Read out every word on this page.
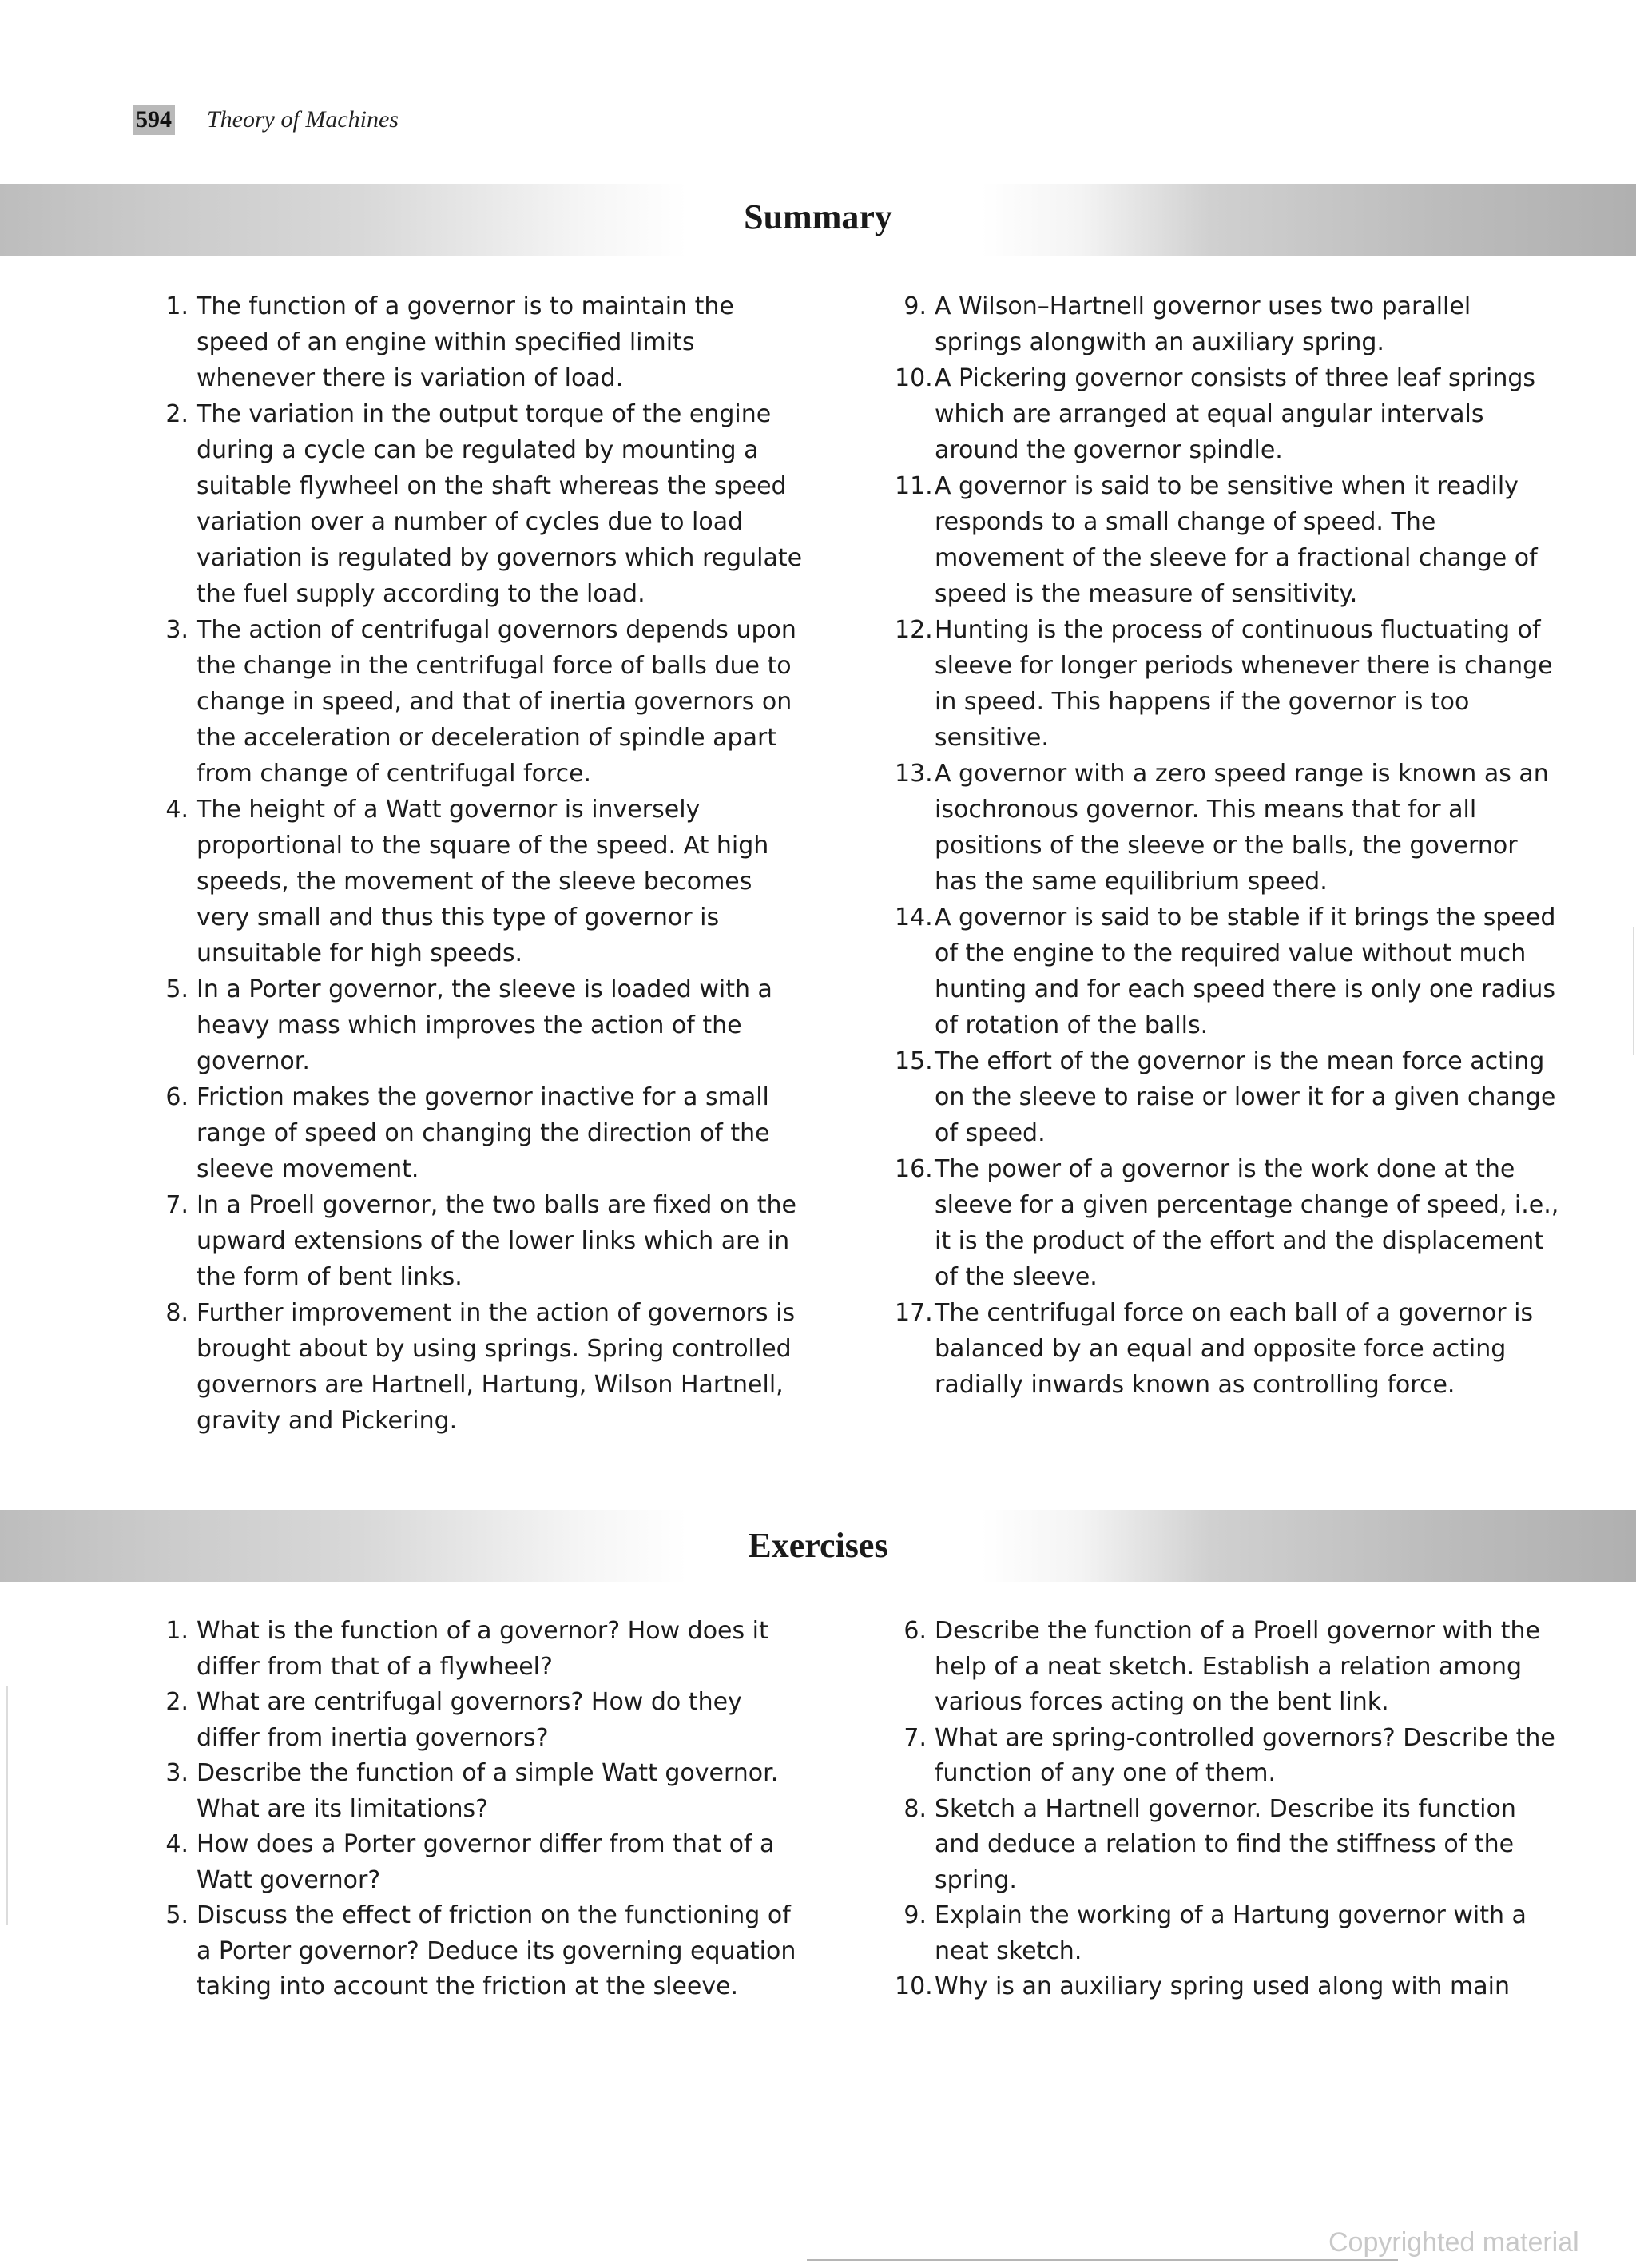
594 Theory of Machines
Summary
1. The function of a governor is to maintain the speed of an engine within specified limits whenever there is variation of load.
2. The variation in the output torque of the engine during a cycle can be regulated by mounting a suitable flywheel on the shaft whereas the speed variation over a number of cycles due to load variation is regulated by governors which regulate the fuel supply according to the load.
3. The action of centrifugal governors depends upon the change in the centrifugal force of balls due to change in speed, and that of inertia governors on the acceleration or deceleration of spindle apart from change of centrifugal force.
4. The height of a Watt governor is inversely proportional to the square of the speed. At high speeds, the movement of the sleeve becomes very small and thus this type of governor is unsuitable for high speeds.
5. In a Porter governor, the sleeve is loaded with a heavy mass which improves the action of the governor.
6. Friction makes the governor inactive for a small range of speed on changing the direction of the sleeve movement.
7. In a Proell governor, the two balls are fixed on the upward extensions of the lower links which are in the form of bent links.
8. Further improvement in the action of governors is brought about by using springs. Spring controlled governors are Hartnell, Hartung, Wilson Hartnell, gravity and Pickering.
9. A Wilson–Hartnell governor uses two parallel springs alongwith an auxiliary spring.
10. A Pickering governor consists of three leaf springs which are arranged at equal angular intervals around the governor spindle.
11. A governor is said to be sensitive when it readily responds to a small change of speed. The movement of the sleeve for a fractional change of speed is the measure of sensitivity.
12. Hunting is the process of continuous fluctuating of sleeve for longer periods whenever there is change in speed. This happens if the governor is too sensitive.
13. A governor with a zero speed range is known as an isochronous governor. This means that for all positions of the sleeve or the balls, the governor has the same equilibrium speed.
14. A governor is said to be stable if it brings the speed of the engine to the required value without much hunting and for each speed there is only one radius of rotation of the balls.
15. The effort of the governor is the mean force acting on the sleeve to raise or lower it for a given change of speed.
16. The power of a governor is the work done at the sleeve for a given percentage change of speed, i.e., it is the product of the effort and the displacement of the sleeve.
17. The centrifugal force on each ball of a governor is balanced by an equal and opposite force acting radially inwards known as controlling force.
Exercises
1. What is the function of a governor? How does it differ from that of a flywheel?
2. What are centrifugal governors? How do they differ from inertia governors?
3. Describe the function of a simple Watt governor. What are its limitations?
4. How does a Porter governor differ from that of a Watt governor?
5. Discuss the effect of friction on the functioning of a Porter governor? Deduce its governing equation taking into account the friction at the sleeve.
6. Describe the function of a Proell governor with the help of a neat sketch. Establish a relation among various forces acting on the bent link.
7. What are spring-controlled governors? Describe the function of any one of them.
8. Sketch a Hartnell governor. Describe its function and deduce a relation to find the stiffness of the spring.
9. Explain the working of a Hartung governor with a neat sketch.
10. Why is an auxiliary spring used along with main
Copyrighted material
